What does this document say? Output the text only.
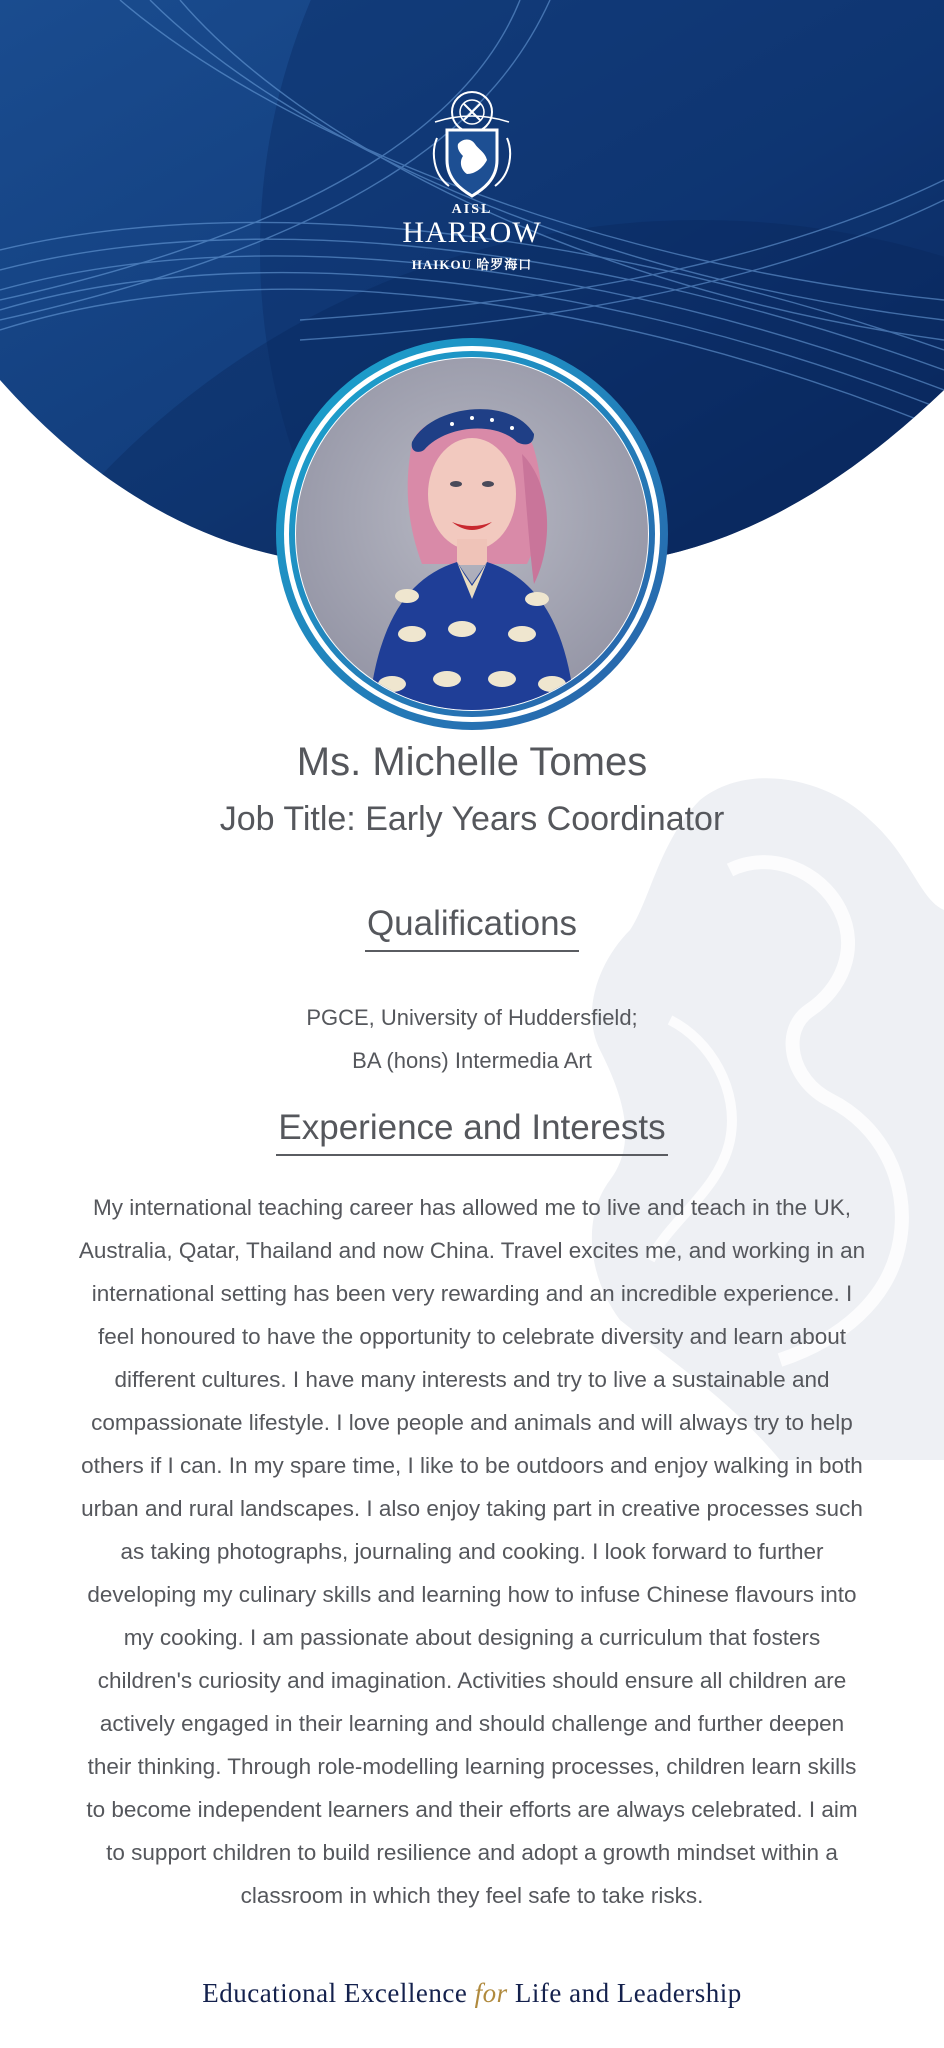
AISL
HARROW
HAIKOU 哈罗海口
Ms. Michelle Tomes
Job Title: Early Years Coordinator
Qualifications
PGCE, University of Huddersfield;
BA (hons) Intermedia Art
Experience and Interests
My international teaching career has allowed me to live and teach in the UK, Australia, Qatar, Thailand and now China. Travel excites me, and working in an international setting has been very rewarding and an incredible experience. I feel honoured to have the opportunity to celebrate diversity and learn about different cultures. I have many interests and try to live a sustainable and compassionate lifestyle. I love people and animals and will always try to help others if I can. In my spare time, I like to be outdoors and enjoy walking in both urban and rural landscapes. I also enjoy taking part in creative processes such as taking photographs, journaling and cooking. I look forward to further developing my culinary skills and learning how to infuse Chinese flavours into my cooking. I am passionate about designing a curriculum that fosters children's curiosity and imagination. Activities should ensure all children are actively engaged in their learning and should challenge and further deepen their thinking. Through role-modelling learning processes, children learn skills to become independent learners and their efforts are always celebrated. I aim to support children to build resilience and adopt a growth mindset within a classroom in which they feel safe to take risks.
Educational Excellence for Life and Leadership
